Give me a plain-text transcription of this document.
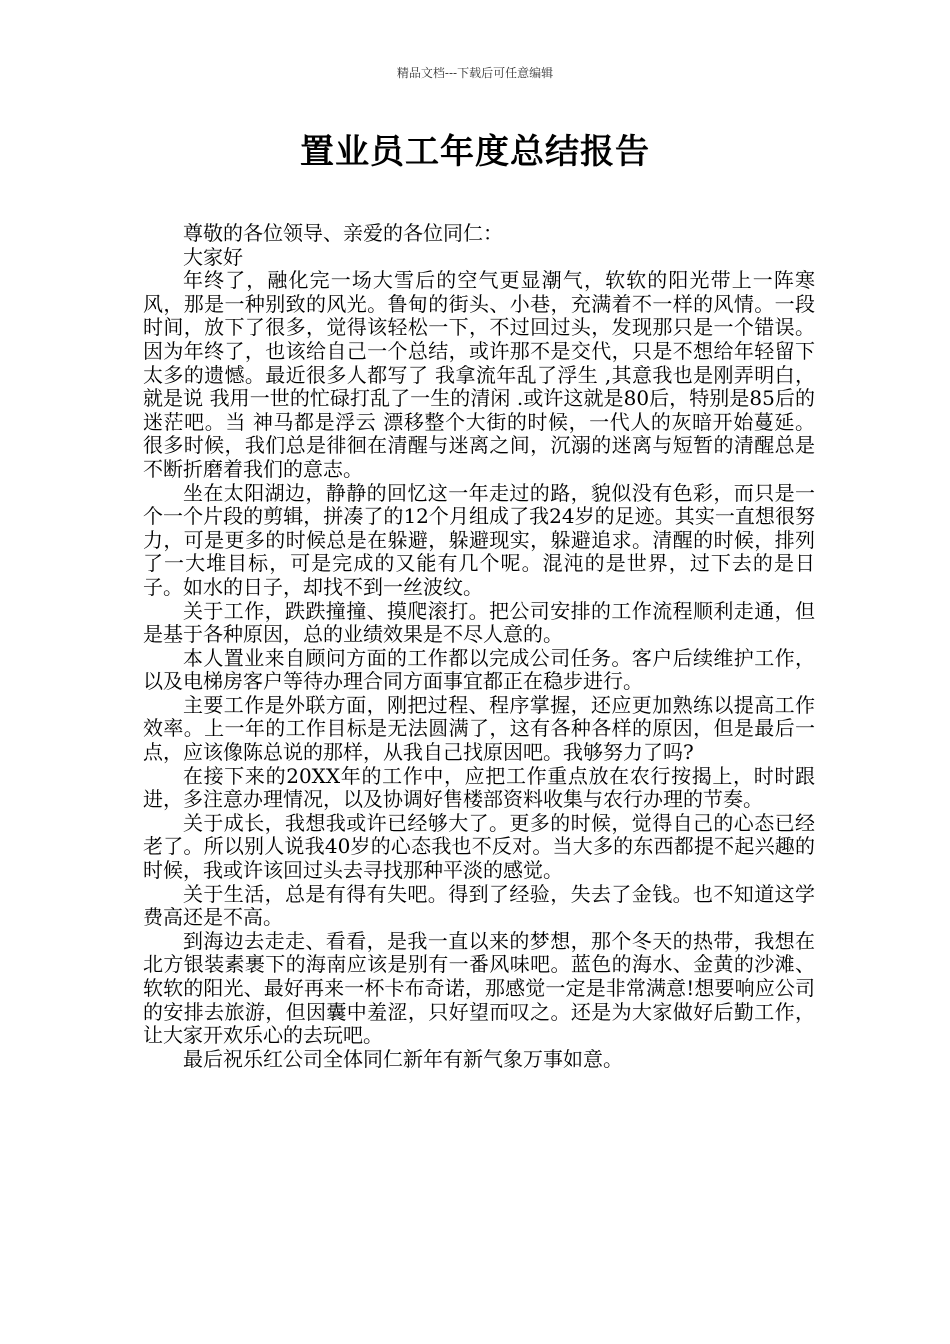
精品文档---下载后可任意编辑
置业员工年度总结报告

尊敬的各位领导、亲爱的各位同仁：

大家好

年终了，融化完一场大雪后的空气更显潮气，软软的阳光带上一阵寒风，那是一种别致的风光。鲁甸的街头、小巷，充满着不一样的风情。一段时间，放下了很多，觉得该轻松一下，不过回过头，发现那只是一个错误。因为年终了，也该给自己一个总结，或许那不是交代，只是不想给年轻留下太多的遗憾。最近很多人都写了 我拿流年乱了浮生 ,其意我也是刚弄明白，就是说 我用一世的忙碌打乱了一生的清闲 .或许这就是80后，特别是85后的迷茫吧。当 神马都是浮云 漂移整个大街的时候，一代人的灰暗开始蔓延。很多时候，我们总是徘徊在清醒与迷离之间，沉溺的迷离与短暂的清醒总是不断折磨着我们的意志。

坐在太阳湖边，静静的回忆这一年走过的路，貌似没有色彩，而只是一个一个片段的剪辑，拼凑了的12个月组成了我24岁的足迹。其实一直想很努力，可是更多的时候总是在躲避，躲避现实，躲避追求。清醒的时候，排列了一大堆目标，可是完成的又能有几个呢。混沌的是世界，过下去的是日子。如水的日子，却找不到一丝波纹。

关于工作，跌跌撞撞、摸爬滚打。把公司安排的工作流程顺利走通，但是基于各种原因，总的业绩效果是不尽人意的。

本人置业来自顾问方面的工作都以完成公司任务。客户后续维护工作，以及电梯房客户等待办理合同方面事宜都正在稳步进行。

主要工作是外联方面，刚把过程、程序掌握，还应更加熟练以提高工作效率。上一年的工作目标是无法圆满了，这有各种各样的原因，但是最后一点，应该像陈总说的那样，从我自己找原因吧。我够努力了吗?

在接下来的20XX年的工作中，应把工作重点放在农行按揭上，时时跟进，多注意办理情况，以及协调好售楼部资料收集与农行办理的节奏。

关于成长，我想我或许已经够大了。更多的时候，觉得自己的心态已经老了。所以别人说我40岁的心态我也不反对。当大多的东西都提不起兴趣的时候，我或许该回过头去寻找那种平淡的感觉。

关于生活，总是有得有失吧。得到了经验，失去了金钱。也不知道这学费高还是不高。

到海边去走走、看看，是我一直以来的梦想，那个冬天的热带，我想在北方银装素裹下的海南应该是别有一番风味吧。蓝色的海水、金黄的沙滩、软软的阳光、最好再来一杯卡布奇诺，那感觉一定是非常满意!想要响应公司的安排去旅游，但因囊中羞涩，只好望而叹之。还是为大家做好后勤工作，让大家开欢乐心的去玩吧。

最后祝乐红公司全体同仁新年有新气象万事如意。
